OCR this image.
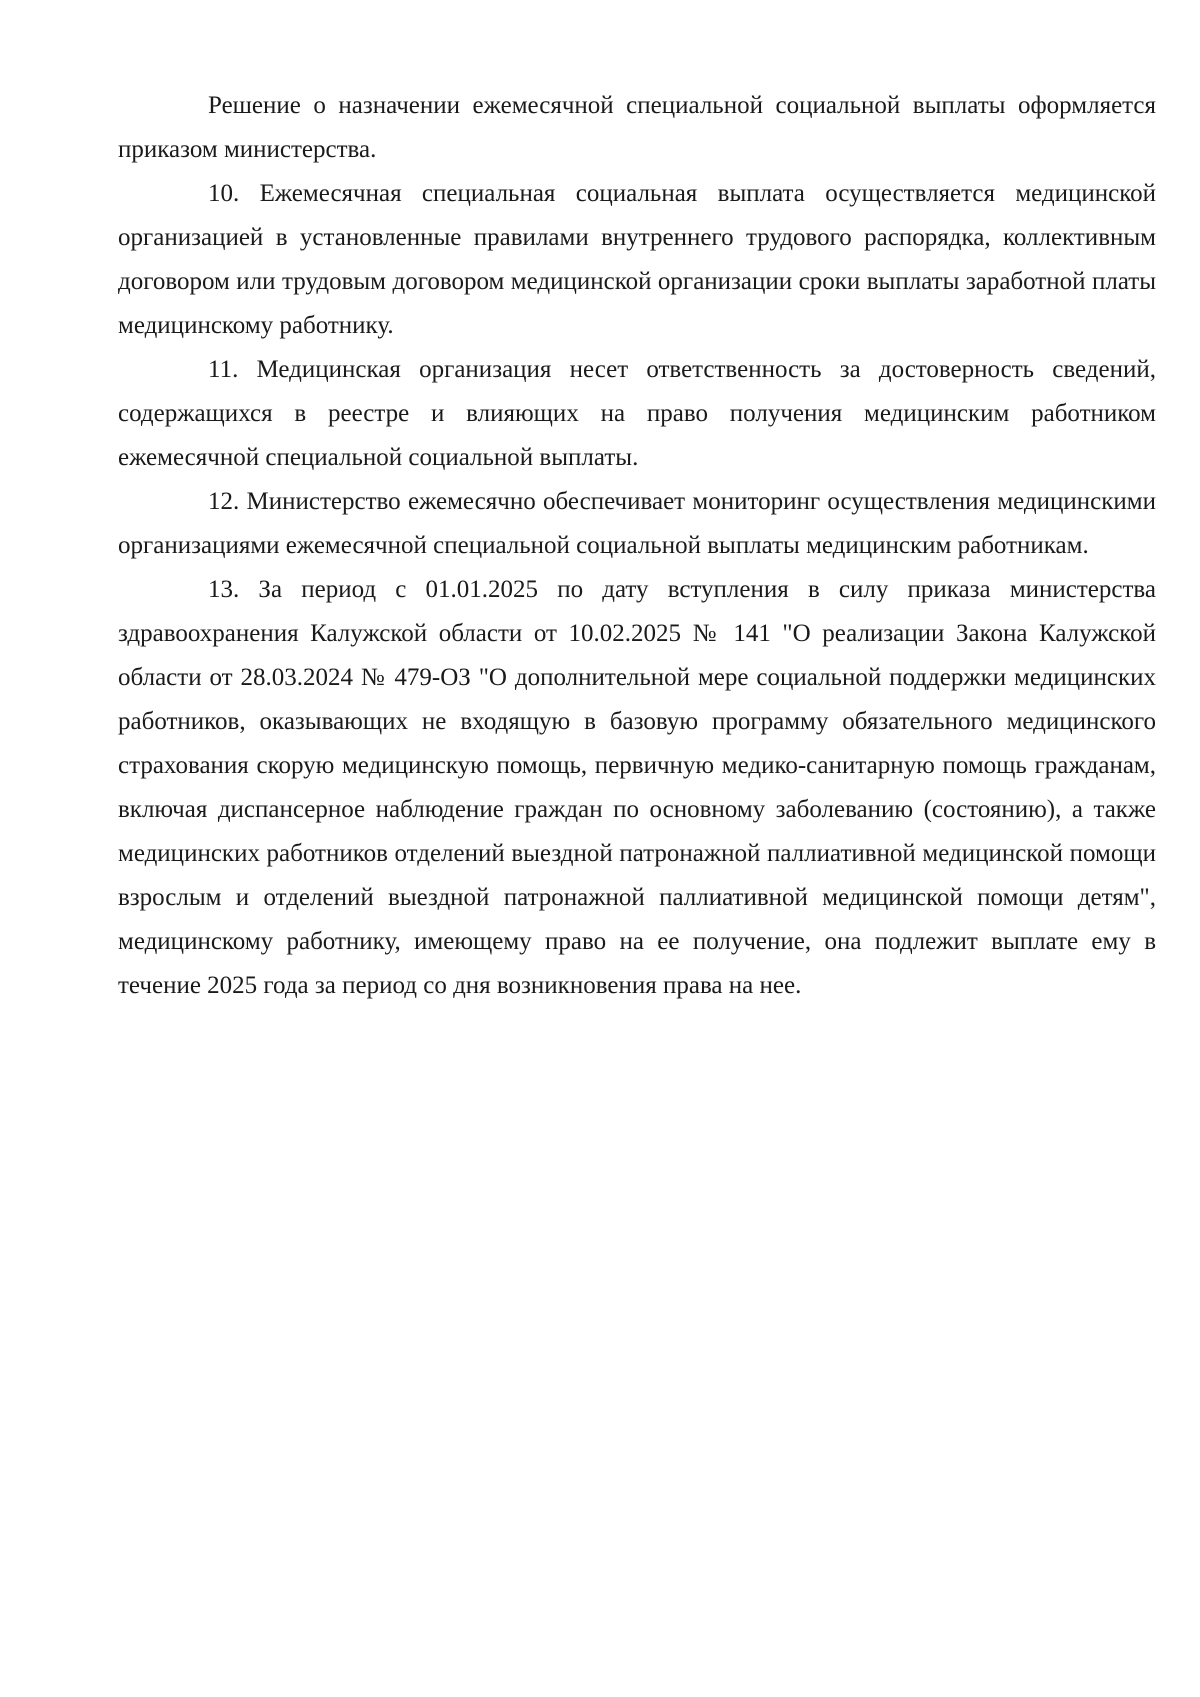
Решение о назначении ежемесячной специальной социальной выплаты оформляется приказом министерства.

10. Ежемесячная специальная социальная выплата осуществляется медицинской организацией в установленные правилами внутреннего трудового распорядка, коллективным договором или трудовым договором медицинской организации сроки выплаты заработной платы медицинскому работнику.

11. Медицинская организация несет ответственность за достоверность сведений, содержащихся в реестре и влияющих на право получения медицинским работником ежемесячной специальной социальной выплаты.

12. Министерство ежемесячно обеспечивает мониторинг осуществления медицинскими организациями ежемесячной специальной социальной выплаты медицинским работникам.

13. За период с 01.01.2025 по дату вступления в силу приказа министерства здравоохранения Калужской области от 10.02.2025 № 141 "О реализации Закона Калужской области от 28.03.2024 № 479-ОЗ "О дополнительной мере социальной поддержки медицинских работников, оказывающих не входящую в базовую программу обязательного медицинского страхования скорую медицинскую помощь, первичную медико-санитарную помощь гражданам, включая диспансерное наблюдение граждан по основному заболеванию (состоянию), а также медицинских работников отделений выездной патронажной паллиативной медицинской помощи взрослым и отделений выездной патронажной паллиативной медицинской помощи детям", медицинскому работнику, имеющему право на ее получение, она подлежит выплате ему в течение 2025 года за период со дня возникновения права на нее.
